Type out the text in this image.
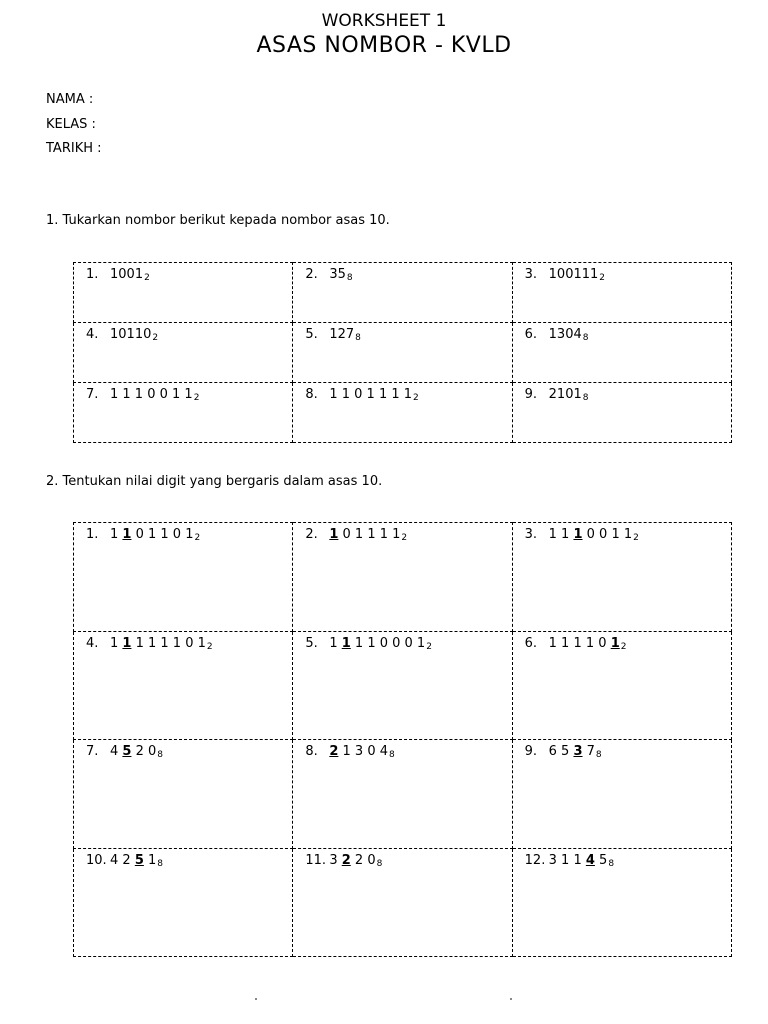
WORKSHEET 1
ASAS NOMBOR - KVLD
NAMA :
KELAS :
TARIKH :
1. Tukarkan nombor berikut kepada nombor asas 10.
1. 10012	2. 358	3. 1001112
4. 101102	5. 1278	6. 13048
7. 1 1 1 0 0 1 12	8. 1 1 0 1 1 1 12	9. 21018
2. Tentukan nilai digit yang bergaris dalam asas 10.
1. 1 1 0 1 1 0 12	2. 1 0 1 1 1 12	3. 1 1 1 0 0 1 12
4. 1 1 1 1 1 1 0 12	5. 1 1 1 1 0 0 0 12	6. 1 1 1 1 0 12
7. 4 5 2 08	8. 2 1 3 0 48	9. 6 5 3 78
10. 4 2 5 18	11. 3 2 2 08	12. 3 1 1 4 58
